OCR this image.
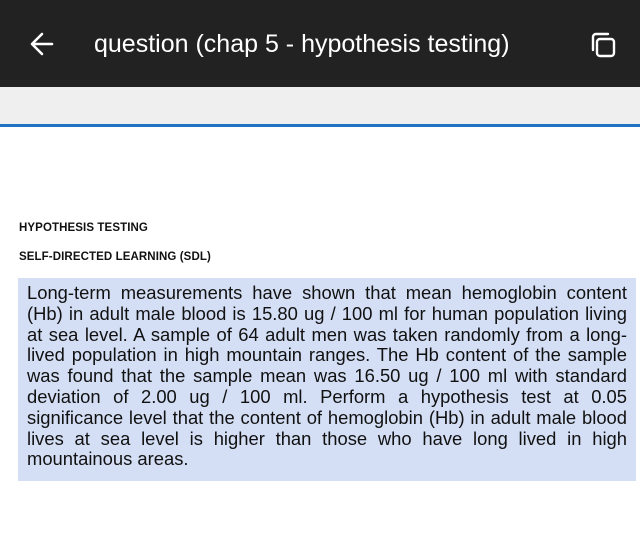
question (chap 5 - hypothesis testing)
HYPOTHESIS TESTING
SELF-DIRECTED LEARNING (SDL)
Long-term measurements have shown that mean hemoglobin content (Hb) in adult male blood is 15.80 ug / 100 ml for human population living at sea level. A sample of 64 adult men was taken randomly from a long-lived population in high mountain ranges. The Hb content of the sample was found that the sample mean was 16.50 ug / 100 ml with standard deviation of 2.00 ug / 100 ml. Perform a hypothesis test at 0.05 significance level that the content of hemoglobin (Hb) in adult male blood lives at sea level is higher than those who have long lived in high mountainous areas.
